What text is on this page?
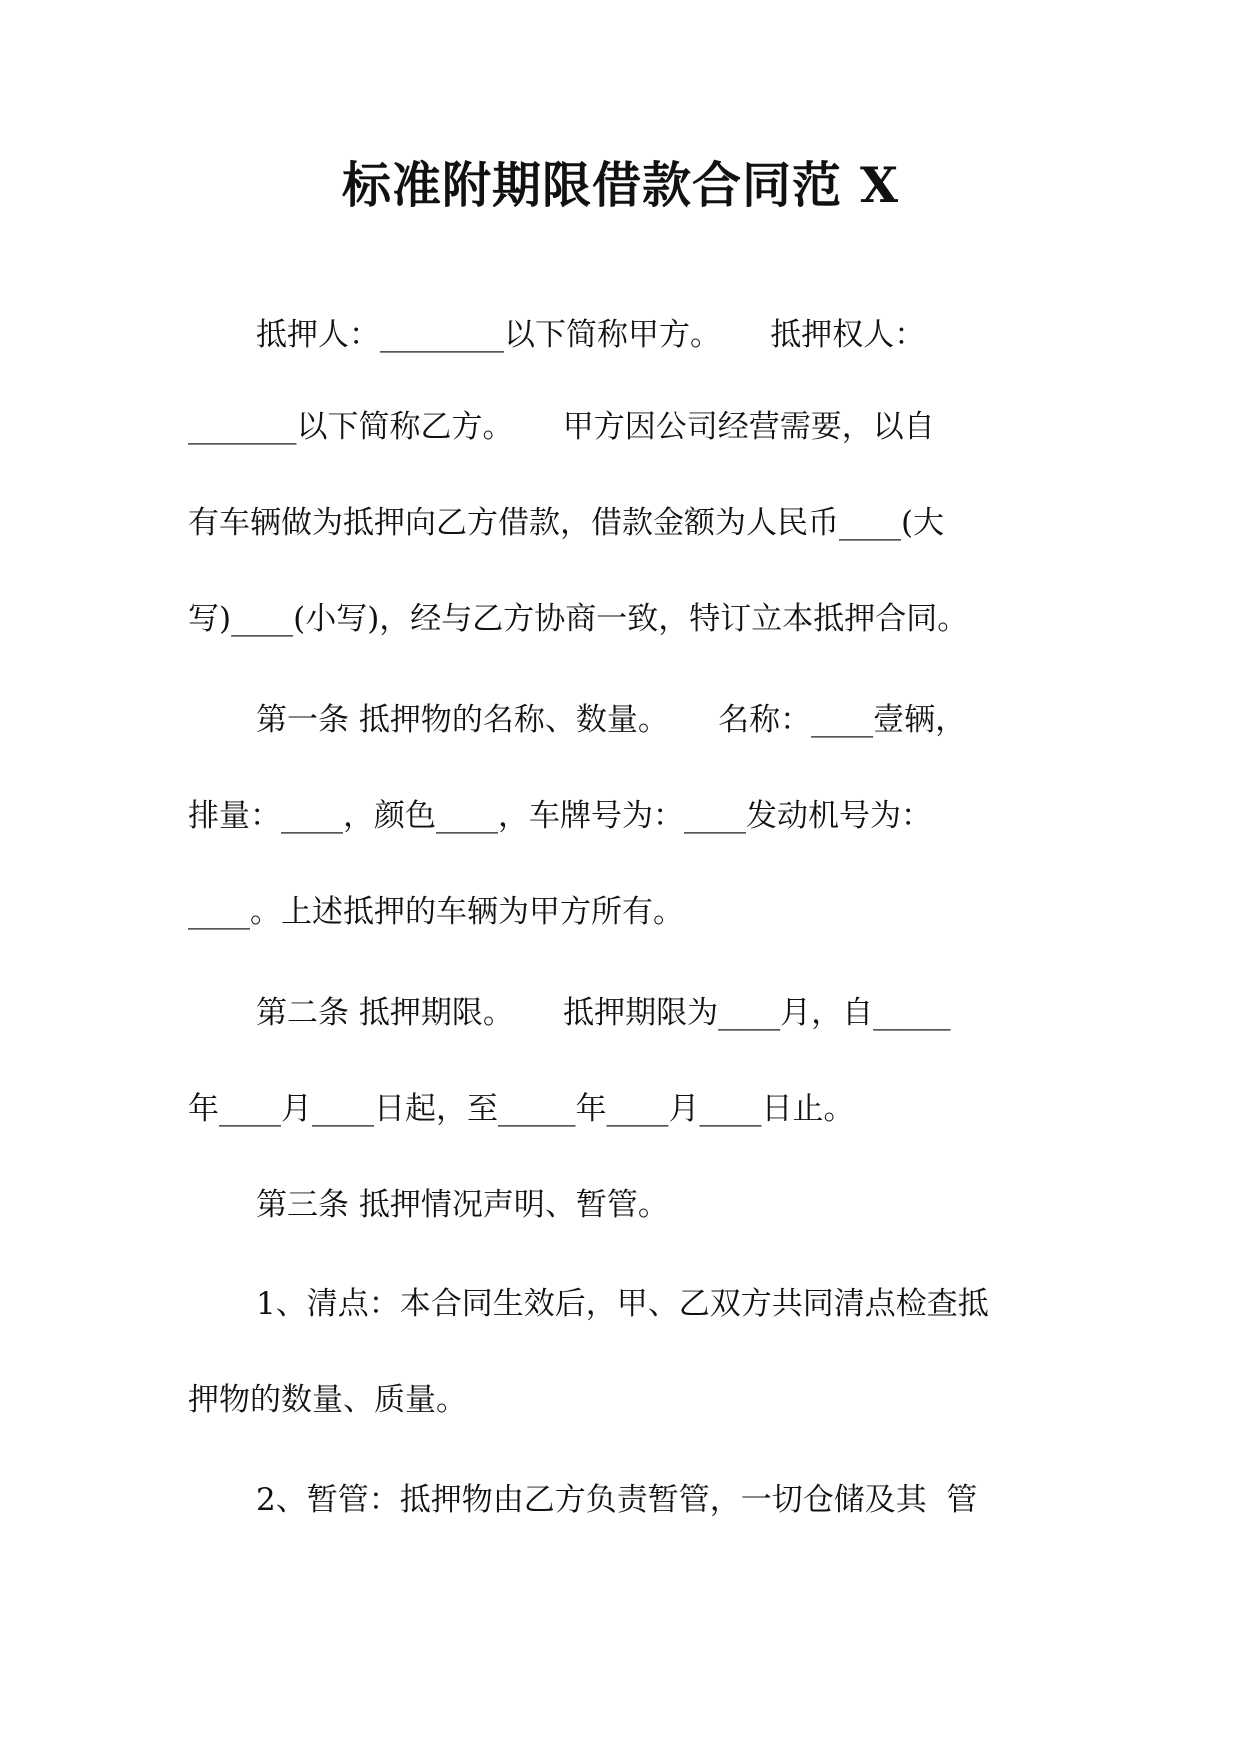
标准附期限借款合同范 X

抵押人：________以下简称甲方。     抵押权人：

_______以下简称乙方。     甲方因公司经营需要，以自

有车辆做为抵押向乙方借款，借款金额为人民币____(大

写)____(小写)，经与乙方协商一致，特订立本抵押合同。

第一条 抵押物的名称、数量。     名称：____壹辆，

排量：____，颜色____，车牌号为：____发动机号为：

____。上述抵押的车辆为甲方所有。

第二条 抵押期限。     抵押期限为____月，自_____

年____月____日起，至_____年____月____日止。

第三条 抵押情况声明、暂管。

1、清点：本合同生效后，甲、乙双方共同清点检查抵

押物的数量、质量。

2、暂管：抵押物由乙方负责暂管，一切仓储及其  管
